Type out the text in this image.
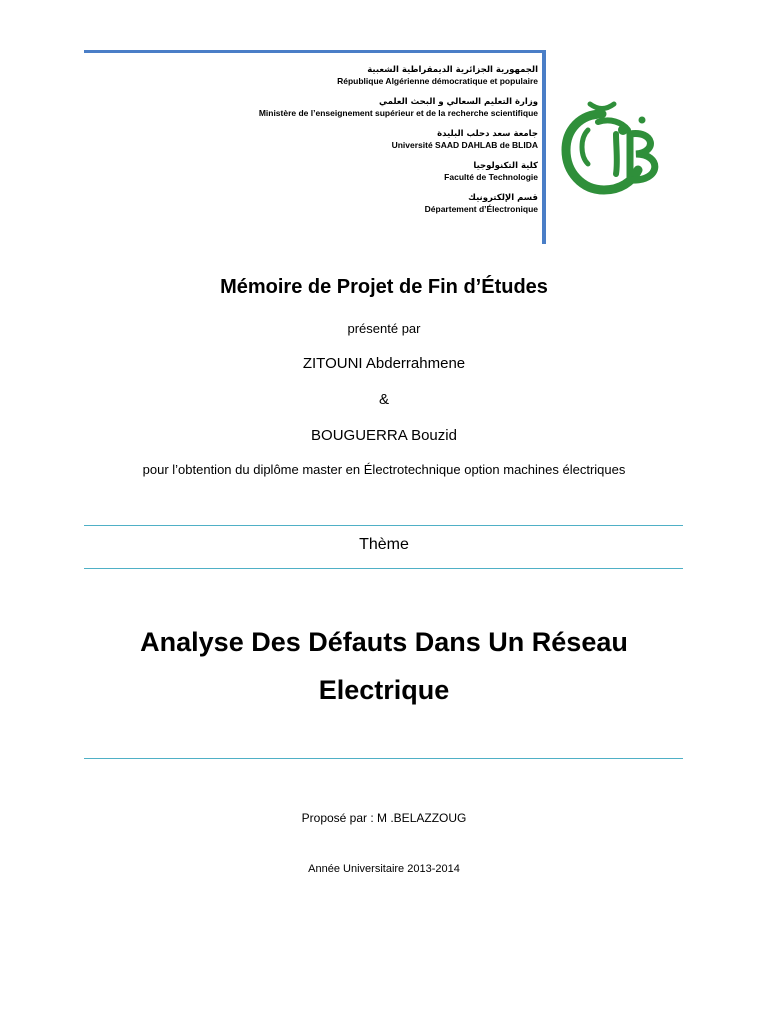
الجمهورية الجزائرية الديمقراطية الشعبية
République Algérienne démocratique et populaire
وزارة التعليم السعالي و البحث العلمي
Ministère de l’enseignement supérieur et de la recherche scientifique
جامعة سعد دحلب البليدة
Université SAAD DAHLAB de BLIDA
كلية التكنولوجيا
Faculté de Technologie
قسم الإلكترونيك
Département d’Électronique
Mémoire de Projet de Fin d’Études
présenté par
ZITOUNI Abderrahmene
&
BOUGUERRA Bouzid
pour l’obtention du diplôme master en Électrotechnique option machines électriques
Thème
Analyse Des Défauts Dans Un Réseau Electrique
Proposé par : M .BELAZZOUG
Année Universitaire 2013-2014
